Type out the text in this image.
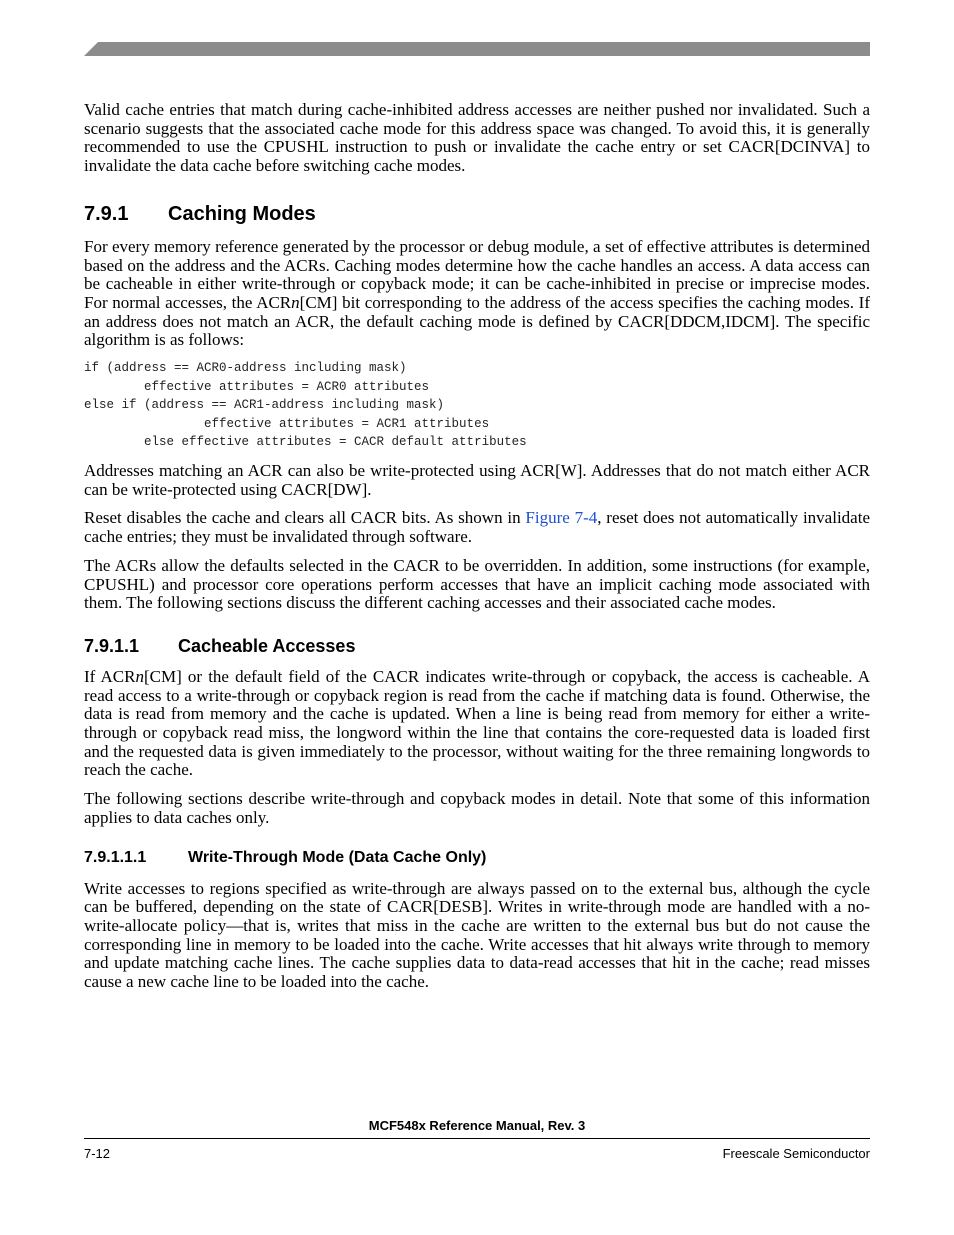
Valid cache entries that match during cache-inhibited address accesses are neither pushed nor invalidated. Such a scenario suggests that the associated cache mode for this address space was changed. To avoid this, it is generally recommended to use the CPUSHL instruction to push or invalidate the cache entry or set CACR[DCINVA] to invalidate the data cache before switching cache modes.

7.9.1 Caching Modes

For every memory reference generated by the processor or debug module, a set of effective attributes is determined based on the address and the ACRs. Caching modes determine how the cache handles an access. A data access can be cacheable in either write-through or copyback mode; it can be cache-inhibited in precise or imprecise modes. For normal accesses, the ACRn[CM] bit corresponding to the address of the access specifies the caching modes. If an address does not match an ACR, the default caching mode is defined by CACR[DDCM,IDCM]. The specific algorithm is as follows:

if (address == ACR0-address including mask)
effective attributes = ACR0 attributes
else if (address == ACR1-address including mask)
effective attributes = ACR1 attributes
else effective attributes = CACR default attributes

Addresses matching an ACR can also be write-protected using ACR[W]. Addresses that do not match either ACR can be write-protected using CACR[DW].

Reset disables the cache and clears all CACR bits. As shown in Figure 7-4, reset does not automatically invalidate cache entries; they must be invalidated through software.

The ACRs allow the defaults selected in the CACR to be overridden. In addition, some instructions (for example, CPUSHL) and processor core operations perform accesses that have an implicit caching mode associated with them. The following sections discuss the different caching accesses and their associated cache modes.

7.9.1.1 Cacheable Accesses

If ACRn[CM] or the default field of the CACR indicates write-through or copyback, the access is cacheable. A read access to a write-through or copyback region is read from the cache if matching data is found. Otherwise, the data is read from memory and the cache is updated. When a line is being read from memory for either a write-through or copyback read miss, the longword within the line that contains the core-requested data is loaded first and the requested data is given immediately to the processor, without waiting for the three remaining longwords to reach the cache.

The following sections describe write-through and copyback modes in detail. Note that some of this information applies to data caches only.

7.9.1.1.1	Write-Through Mode (Data Cache Only)

Write accesses to regions specified as write-through are always passed on to the external bus, although the cycle can be buffered, depending on the state of CACR[DESB]. Writes in write-through mode are handled with a no-write-allocate policy—that is, writes that miss in the cache are written to the external bus but do not cause the corresponding line in memory to be loaded into the cache. Write accesses that hit always write through to memory and update matching cache lines. The cache supplies data to data-read accesses that hit in the cache; read misses cause a new cache line to be loaded into the cache.

MCF548x Reference Manual, Rev. 3
7-12	Freescale Semiconductor
